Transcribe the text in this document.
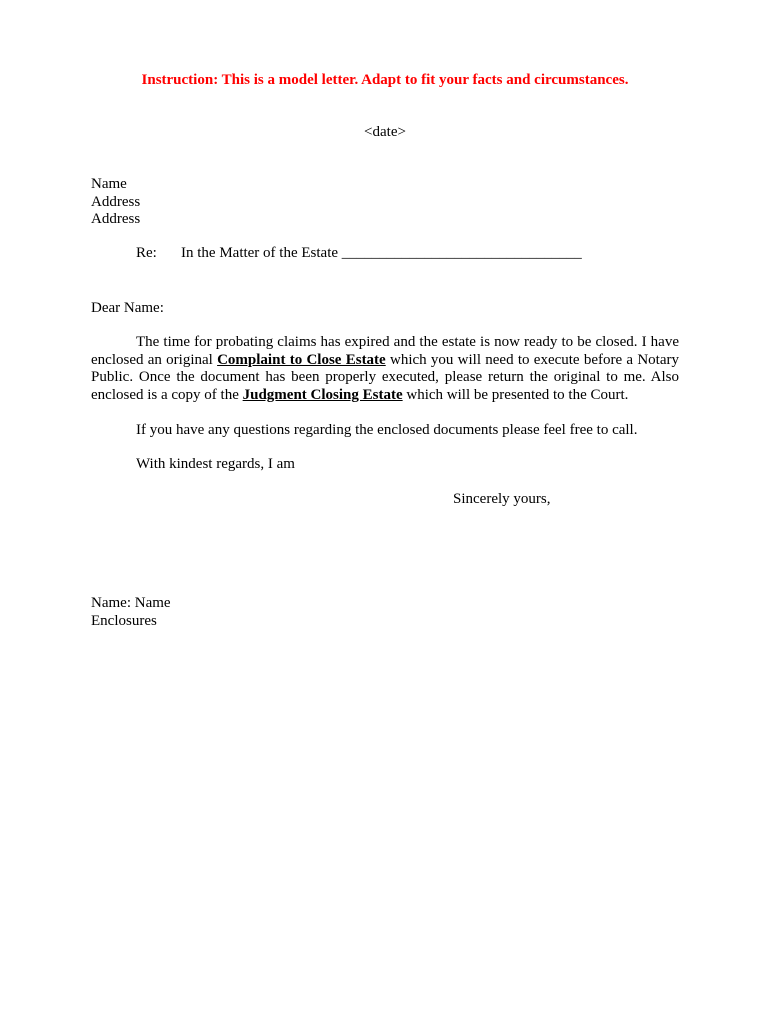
Instruction: This is a model letter. Adapt to fit your facts and circumstances.
<date>
Name
Address
Address
Re: In the Matter of the Estate ________________________________
Dear Name:
The time for probating claims has expired and the estate is now ready to be closed. I have enclosed an original Complaint to Close Estate which you will need to execute before a Notary Public. Once the document has been properly executed, please return the original to me. Also enclosed is a copy of the Judgment Closing Estate which will be presented to the Court.
If you have any questions regarding the enclosed documents please feel free to call.
With kindest regards, I am
Sincerely yours,
Name: Name
Enclosures
